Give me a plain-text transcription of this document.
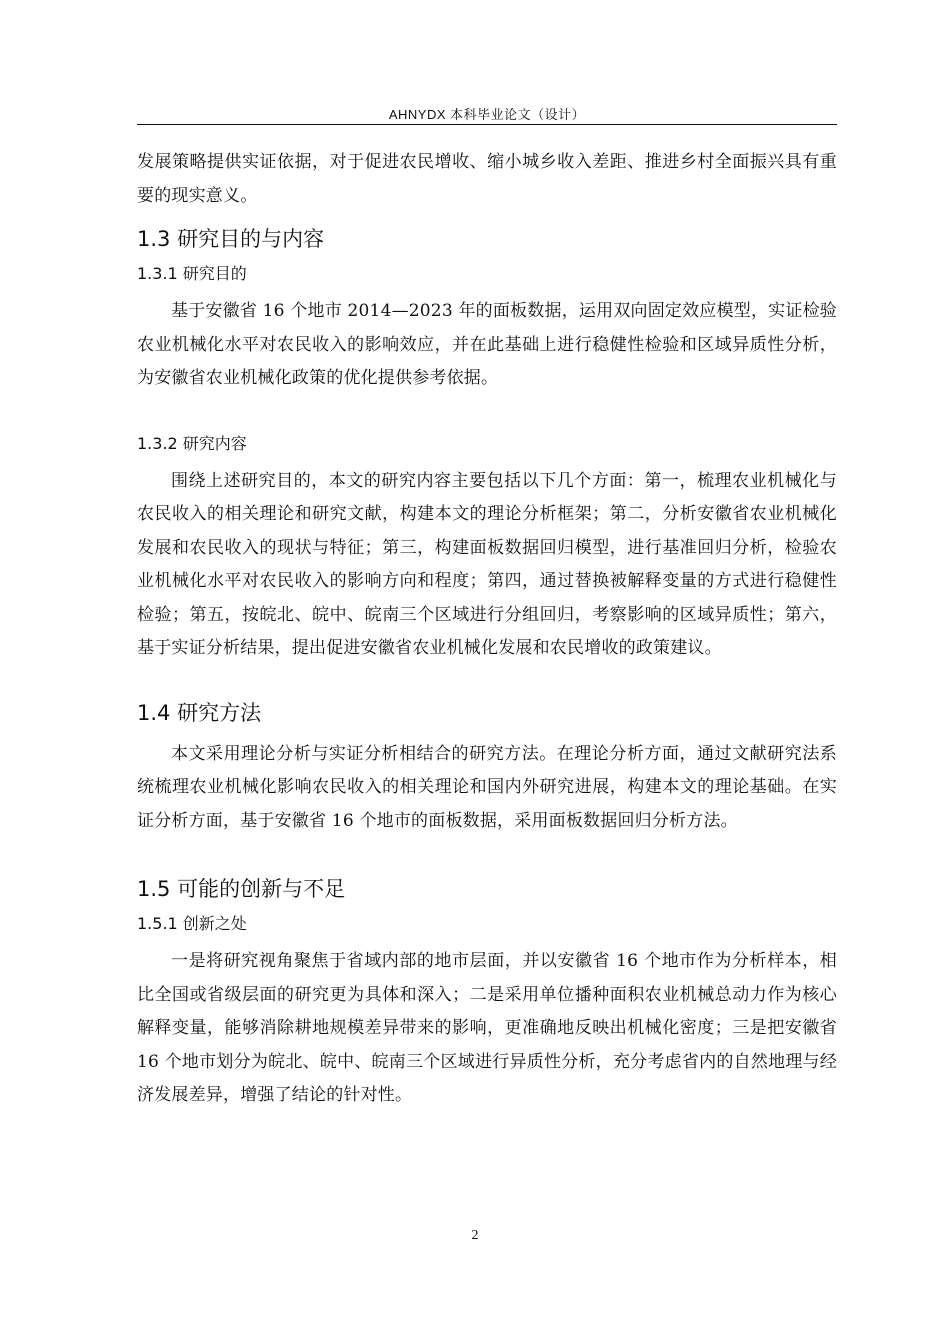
AHNYDX 本科毕业论文（设计）

发展策略提供实证依据，对于促进农民增收、缩小城乡收入差距、推进乡村全面振兴具有重要的现实意义。

1.3 研究目的与内容
1.3.1 研究目的

基于安徽省 16 个地市 2014—2023 年的面板数据，运用双向固定效应模型，实证检验农业机械化水平对农民收入的影响效应，并在此基础上进行稳健性检验和区域异质性分析，为安徽省农业机械化政策的优化提供参考依据。

1.3.2 研究内容

围绕上述研究目的，本文的研究内容主要包括以下几个方面：第一，梳理农业机械化与农民收入的相关理论和研究文献，构建本文的理论分析框架；第二，分析安徽省农业机械化发展和农民收入的现状与特征；第三，构建面板数据回归模型，进行基准回归分析，检验农业机械化水平对农民收入的影响方向和程度；第四，通过替换被解释变量的方式进行稳健性检验；第五，按皖北、皖中、皖南三个区域进行分组回归，考察影响的区域异质性；第六，基于实证分析结果，提出促进安徽省农业机械化发展和农民增收的政策建议。

1.4 研究方法

本文采用理论分析与实证分析相结合的研究方法。在理论分析方面，通过文献研究法系统梳理农业机械化影响农民收入的相关理论和国内外研究进展，构建本文的理论基础。在实证分析方面，基于安徽省 16 个地市的面板数据，采用面板数据回归分析方法。

1.5 可能的创新与不足
1.5.1 创新之处

一是将研究视角聚焦于省域内部的地市层面，并以安徽省 16 个地市作为分析样本，相比全国或省级层面的研究更为具体和深入；二是采用单位播种面积农业机械总动力作为核心解释变量，能够消除耕地规模差异带来的影响，更准确地反映出机械化密度；三是把安徽省 16 个地市划分为皖北、皖中、皖南三个区域进行异质性分析，充分考虑省内的自然地理与经济发展差异，增强了结论的针对性。

2
